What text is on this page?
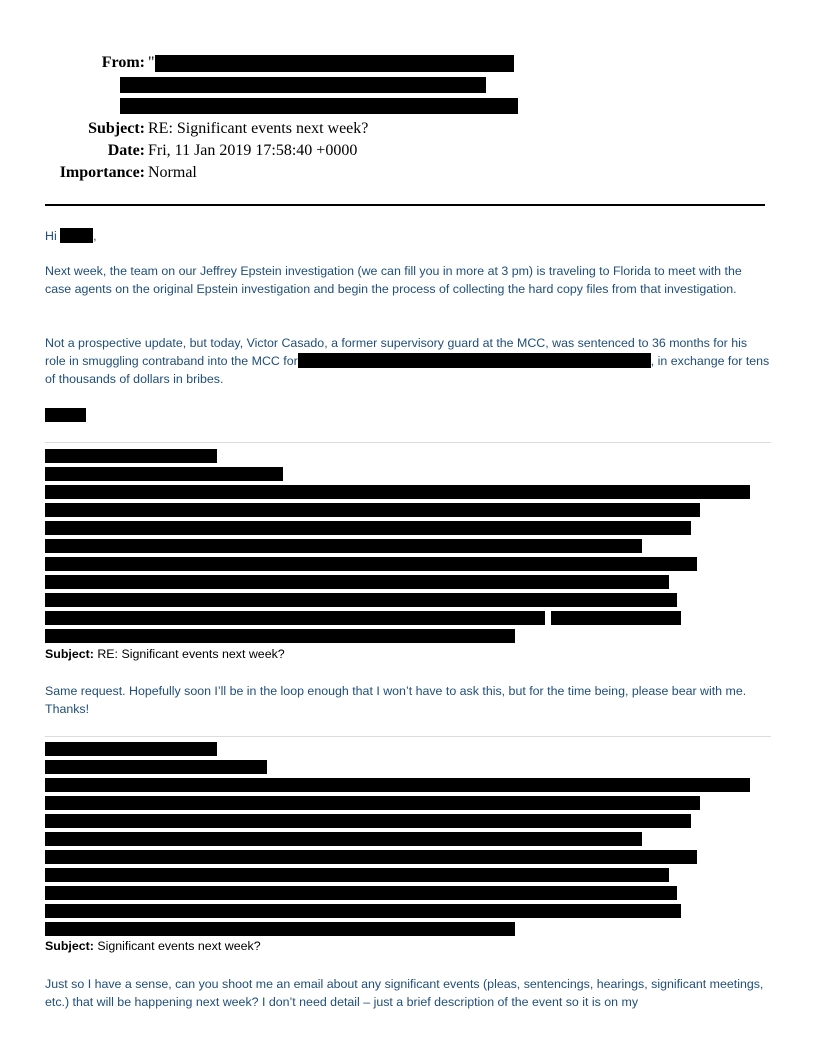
From: "
Subject: RE: Significant events next week?
Date: Fri, 11 Jan 2019 17:58:40 +0000
Importance: Normal
Hi	,

Next week, the team on our Jeffrey Epstein investigation (we can fill you in more at 3 pm) is traveling to Florida to meet with the case agents on the original Epstein investigation and begin the process of collecting the hard copy files from that investigation.

Not a prospective update, but today, Victor Casado, a former supervisory guard at the MCC, was sentenced to 36 months for his role in smuggling contraband into the MCC for	, in exchange for tens of thousands of dollars in bribes.

Subject: RE: Significant events next week?

Same request. Hopefully soon I’ll be in the loop enough that I won’t have to ask this, but for the time being, please bear with me. Thanks!

Subject: Significant events next week?

Just so I have a sense, can you shoot me an email about any significant events (pleas, sentencings, hearings, significant meetings, etc.) that will be happening next week? I don’t need detail – just a brief description of the event so it is on my
